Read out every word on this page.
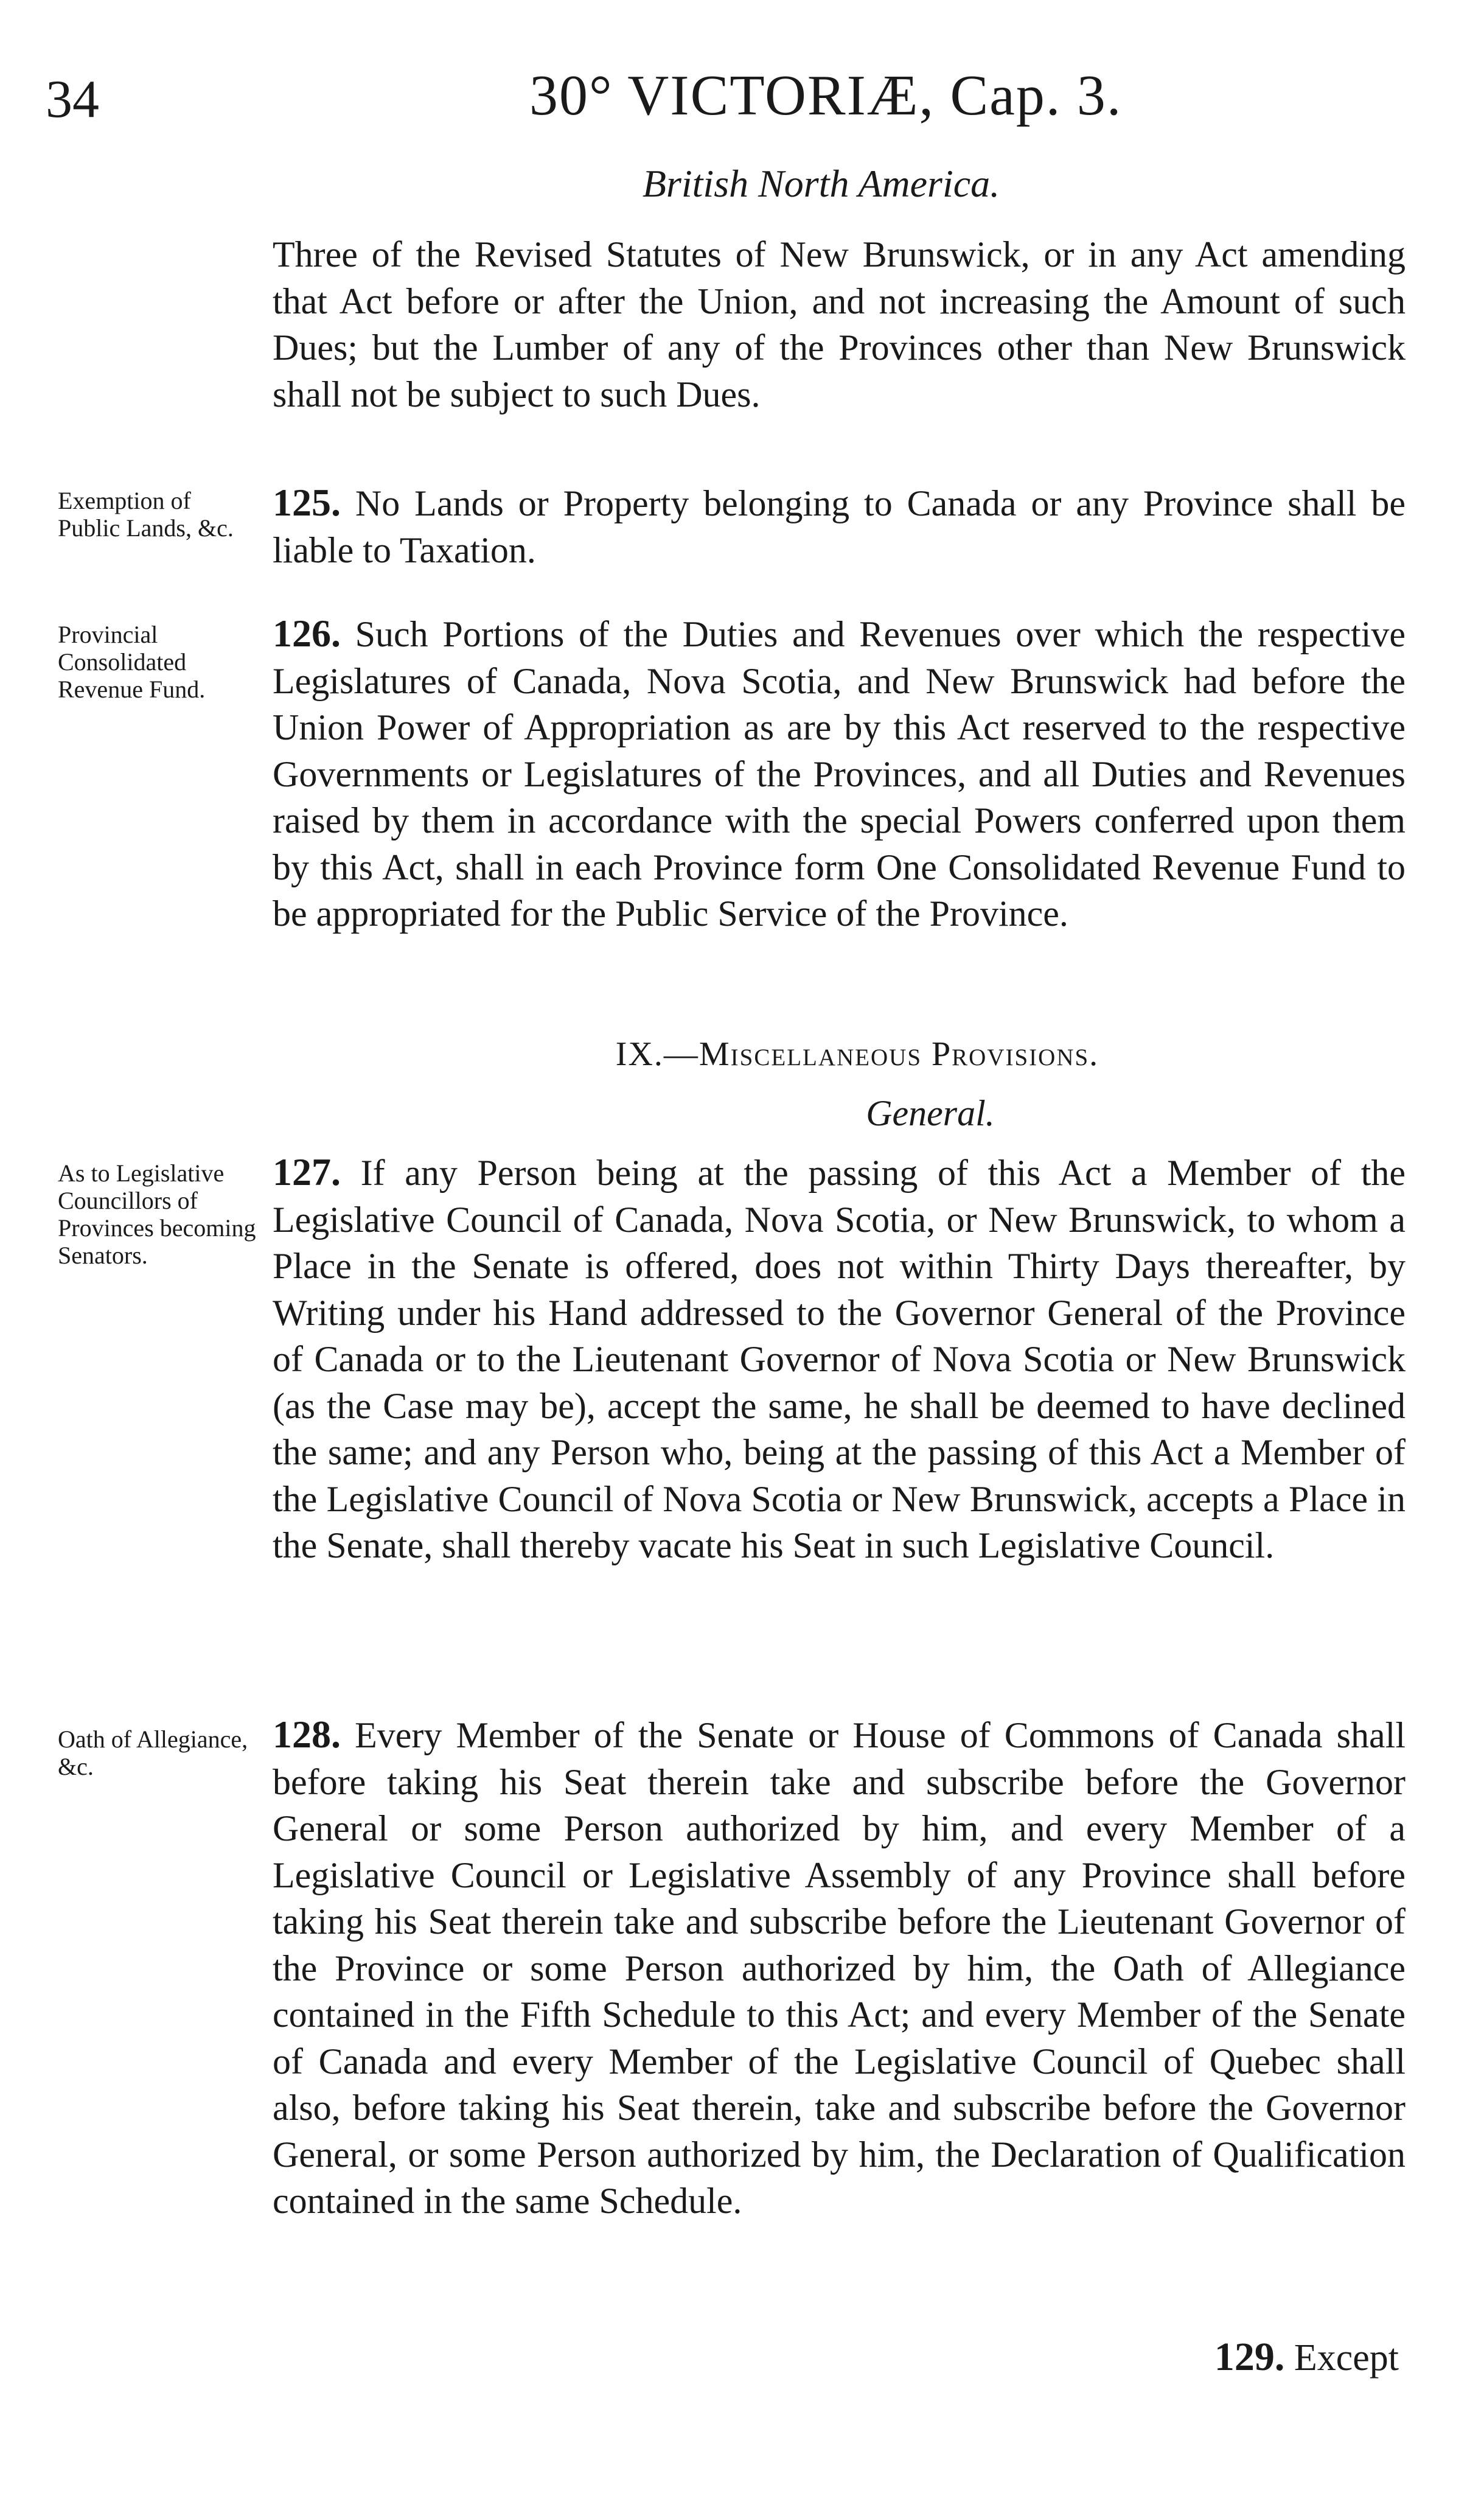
34	30° VICTORIÆ, Cap. 3.
British North America.
Three of the Revised Statutes of New Brunswick, or in any Act amending that Act before or after the Union, and not increasing the Amount of such Dues; but the Lumber of any of the Provinces other than New Brunswick shall not be subject to such Dues.
Exemption of Public Lands, &c.
125. No Lands or Property belonging to Canada or any Province shall be liable to Taxation.
Provincial Consolidated Revenue Fund.
126. Such Portions of the Duties and Revenues over which the respective Legislatures of Canada, Nova Scotia, and New Brunswick had before the Union Power of Appropriation as are by this Act reserved to the respective Governments or Legislatures of the Provinces, and all Duties and Revenues raised by them in accordance with the special Powers conferred upon them by this Act, shall in each Province form One Consolidated Revenue Fund to be appropriated for the Public Service of the Province.
IX.—Miscellaneous Provisions.
General.
As to Legislative Councillors of Provinces becoming Senators.
127. If any Person being at the passing of this Act a Member of the Legislative Council of Canada, Nova Scotia, or New Brunswick, to whom a Place in the Senate is offered, does not within Thirty Days thereafter, by Writing under his Hand addressed to the Governor General of the Province of Canada or to the Lieutenant Governor of Nova Scotia or New Brunswick (as the Case may be), accept the same, he shall be deemed to have declined the same; and any Person who, being at the passing of this Act a Member of the Legislative Council of Nova Scotia or New Brunswick, accepts a Place in the Senate, shall thereby vacate his Seat in such Legislative Council.
Oath of Allegiance, &c.
128. Every Member of the Senate or House of Commons of Canada shall before taking his Seat therein take and subscribe before the Governor General or some Person authorized by him, and every Member of a Legislative Council or Legislative Assembly of any Province shall before taking his Seat therein take and subscribe before the Lieutenant Governor of the Province or some Person authorized by him, the Oath of Allegiance contained in the Fifth Schedule to this Act; and every Member of the Senate of Canada and every Member of the Legislative Council of Quebec shall also, before taking his Seat therein, take and subscribe before the Governor General, or some Person authorized by him, the Declaration of Qualification contained in the same Schedule.
129. Except
